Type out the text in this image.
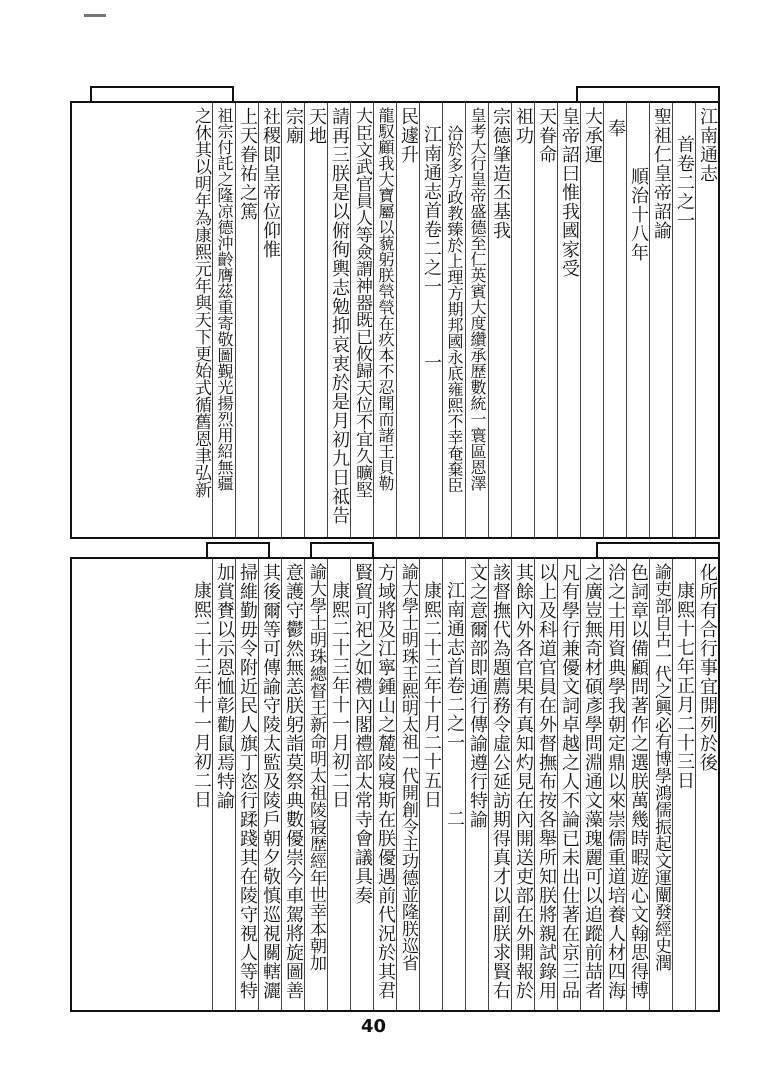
江南通志
首卷二之一
聖祖仁皇帝詔諭
順治十八年
奉
大承運
皇帝詔曰惟我國家受
天眷命
祖功
宗德肇造丕基我
皇考大行皇帝盛德至仁英賓大度纘承歷數統一寰區恩澤
洽於多方政教臻於上理方期邦國永底雍熙不幸奄棄臣
江南通志首卷二之一　　　一
民遽升
龍馭顧我大寶屬以藐躬朕煢煢在疚本不忍聞而諸王貝勒
大臣文武官員人等僉謂神器既已攸歸天位不宜久曠堅
請再三朕是以俯徇輿志勉抑哀衷於是月初九日祗告
天地
宗廟
社稷即皇帝位仰惟
上天眷祐之篤
祖宗付託之隆凉德沖齡膺茲重寄敬圖覲光揚烈用紹無疆
之休其以明年為康熙元年與天下更始式循舊恩聿弘新
化所有合行事宜開列於後
康熙十七年正月二十三日
諭吏部自古一代之興必有博學鴻儒振起文運闡發經史潤
色詞章以備顧問著作之選朕萬幾時暇遊心文翰思得博
洽之士用資典學我朝定鼎以來崇儒重道培養人材四海
之廣豈無奇材碩彥學問淵通文藻瑰麗可以追蹤前喆者
凡有學行兼優文詞卓越之人不論已未出仕著在京三品
以上及科道官員在外督撫布按各舉所知朕將親試錄用
其餘內外各官果有真知灼見在內開送吏部在外開報於
該督撫代為題薦務令虛公延訪期得真才以副朕求賢右
文之意爾部即通行傳諭遵行特諭
江南通志首卷二之一　　　二
康熙二十三年十月二十五日
諭大學士明珠王熙明太祖一代開創令主功德並隆朕巡省
方域將及江寧鍾山之麓陵寢斯在朕優遇前代況於其君
賢貿可祀之如禮內閣禮部太常寺會議具奏
康熙二十三年十一月初二日
諭大學士明珠總督王新命明太祖陵寢歷經年世幸本朝加
意護守鬱然無恙朕躬詣莫祭典數優崇今車駕將旋圖善
其後爾等可傳諭守陵太監及陵戶朝夕敬慎巡視關轄灑
掃維勤毋令附近民人旗丁恣行蹂踐其在陵守視人等特
加賞賚以示恩恤彰勸鼠焉特諭
康熙二十三年十一月初二日
40
